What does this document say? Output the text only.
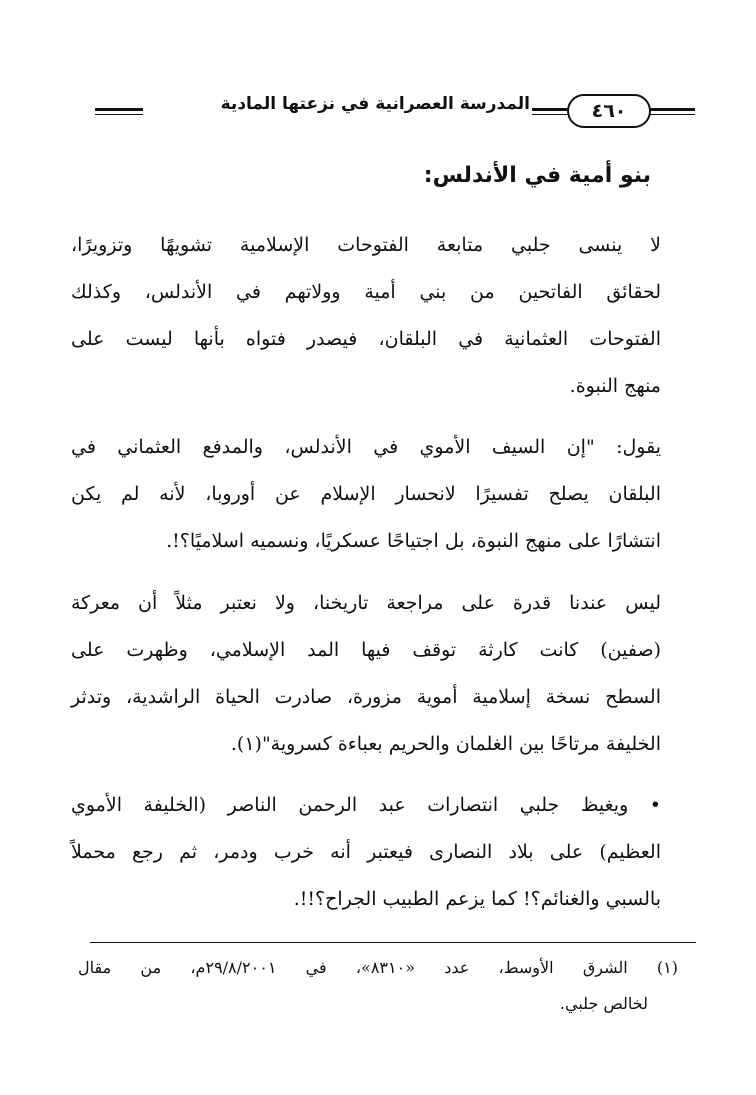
المدرسة العصرانية في نزعتها المادية	٤٦٠
بنو أمية في الأندلس:
لا ينسى جلبي متابعة الفتوحات الإسلامية تشويهًا وتزويرًا،
لحقائق الفاتحين من بني أمية وولاتهم في الأندلس، وكذلك
الفتوحات العثمانية في البلقان، فيصدر فتواه بأنها ليست على
منهج النبوة.
يقول: "إن السيف الأموي في الأندلس، والمدفع العثماني في
البلقان يصلح تفسيرًا لانحسار الإسلام عن أوروبا، لأنه لم يكن
انتشارًا على منهج النبوة، بل اجتياحًا عسكريًا، ونسميه اسلاميًا؟!.
ليس عندنا قدرة على مراجعة تاريخنا، ولا نعتبر مثلاً أن معركة
(صفين) كانت كارثة توقف فيها المد الإسلامي، وظهرت على
السطح نسخة إسلامية أموية مزورة، صادرت الحياة الراشدية، وتدثر
الخليفة مرتاحًا بين الغلمان والحريم بعباءة كسروية"(١).
• ويغيظ جلبي انتصارات عبد الرحمن الناصر (الخليفة الأموي
العظيم) على بلاد النصارى فيعتبر أنه خرب ودمر، ثم رجع محملاً
بالسبي والغنائم؟! كما يزعم الطبيب الجراح؟!!.
(١) الشرق الأوسط، عدد «٨٣١٠»، في ٢٩/٨/٢٠٠١م، من مقال
لخالص جلبي.
